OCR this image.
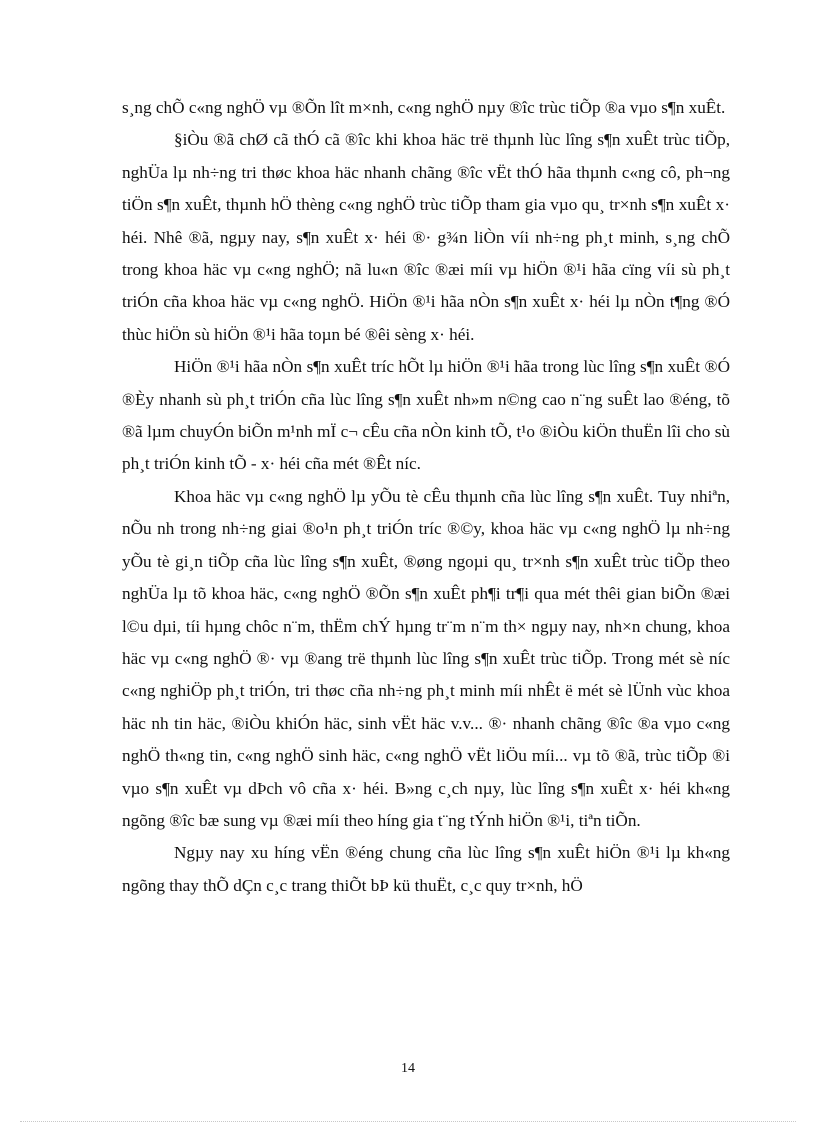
s¸ng chÕ c«ng nghÖ vµ ®Õn lît m×nh, c«ng nghÖ nµy ®îc trùc tiÕp ®a vµo s¶n xuÊt.

§iÒu ®ã chØ cã thÓ cã ®îc khi khoa häc trë thµnh lùc lîng s¶n xuÊt trùc tiÕp, nghÜa lµ nh÷ng tri thøc khoa häc nhanh chãng ®îc vËt thÓ hãa thµnh c«ng cô, ph¬ng tiÖn s¶n xuÊt, thµnh hÖ thèng c«ng nghÖ trùc tiÕp tham gia vµo qu¸ tr×nh s¶n xuÊt x· héi. Nhê ®ã, ngµy nay, s¶n xuÊt x· héi ®· g¾n liÒn víi nh÷ng ph¸t minh, s¸ng chÕ trong khoa häc vµ c«ng nghÖ; nã lu«n ®îc ®æi míi vµ hiÖn ®¹i hãa cïng víi sù ph¸t triÓn cña khoa häc vµ c«ng nghÖ. HiÖn ®¹i hãa nÒn s¶n xuÊt x· héi lµ nÒn t¶ng ®Ó thùc hiÖn sù hiÖn ®¹i hãa toµn bé ®êi sèng x· héi.

HiÖn ®¹i hãa nÒn s¶n xuÊt tríc hÕt lµ hiÖn ®¹i hãa trong lùc lîng s¶n xuÊt ®Ó ®Èy nhanh sù ph¸t triÓn cña lùc lîng s¶n xuÊt nh»m n©ng cao n¨ng suÊt lao ®éng, tõ ®ã lµm chuyÓn biÕn m¹nh mÏ c¬ cÊu cña nÒn kinh tÕ, t¹o ®iÒu kiÖn thuËn lîi cho sù ph¸t triÓn kinh tÕ - x· héi cña mét ®Êt níc.

Khoa häc vµ c«ng nghÖ lµ yÕu tè cÊu thµnh cña lùc lîng s¶n xuÊt. Tuy nhiªn, nÕu nh trong nh÷ng giai ®o¹n ph¸t triÓn tríc ®©y, khoa häc vµ c«ng nghÖ lµ nh÷ng yÕu tè gi¸n tiÕp cña lùc lîng s¶n xuÊt, ®øng ngoµi qu¸ tr×nh s¶n xuÊt trùc tiÕp theo nghÜa lµ tõ khoa häc, c«ng nghÖ ®Õn s¶n xuÊt ph¶i tr¶i qua mét thêi gian biÕn ®æi l©u dµi, tíi hµng chôc n¨m, thËm chÝ hµng tr¨m n¨m th× ngµy nay, nh×n chung, khoa häc vµ c«ng nghÖ ®· vµ ®ang trë thµnh lùc lîng s¶n xuÊt trùc tiÕp. Trong mét sè níc c«ng nghiÖp ph¸t triÓn, tri thøc cña nh÷ng ph¸t minh míi nhÊt ë mét sè lÜnh vùc khoa häc nh tin häc, ®iÒu khiÓn häc, sinh vËt häc v.v... ®· nhanh chãng ®îc ®a vµo c«ng nghÖ th«ng tin, c«ng nghÖ sinh häc, c«ng nghÖ vËt liÖu míi... vµ tõ ®ã, trùc tiÕp ®i vµo s¶n xuÊt vµ dÞch vô cña x· héi. B»ng c¸ch nµy, lùc lîng s¶n xuÊt x· héi kh«ng ngõng ®îc bæ sung vµ ®æi míi theo híng gia t¨ng tÝnh hiÖn ®¹i, tiªn tiÕn.

Ngµy nay xu híng vËn ®éng chung cña lùc lîng s¶n xuÊt hiÖn ®¹i lµ kh«ng ngõng thay thÕ dÇn c¸c trang thiÕt bÞ kü thuËt, c¸c quy tr×nh, hÖ

14
